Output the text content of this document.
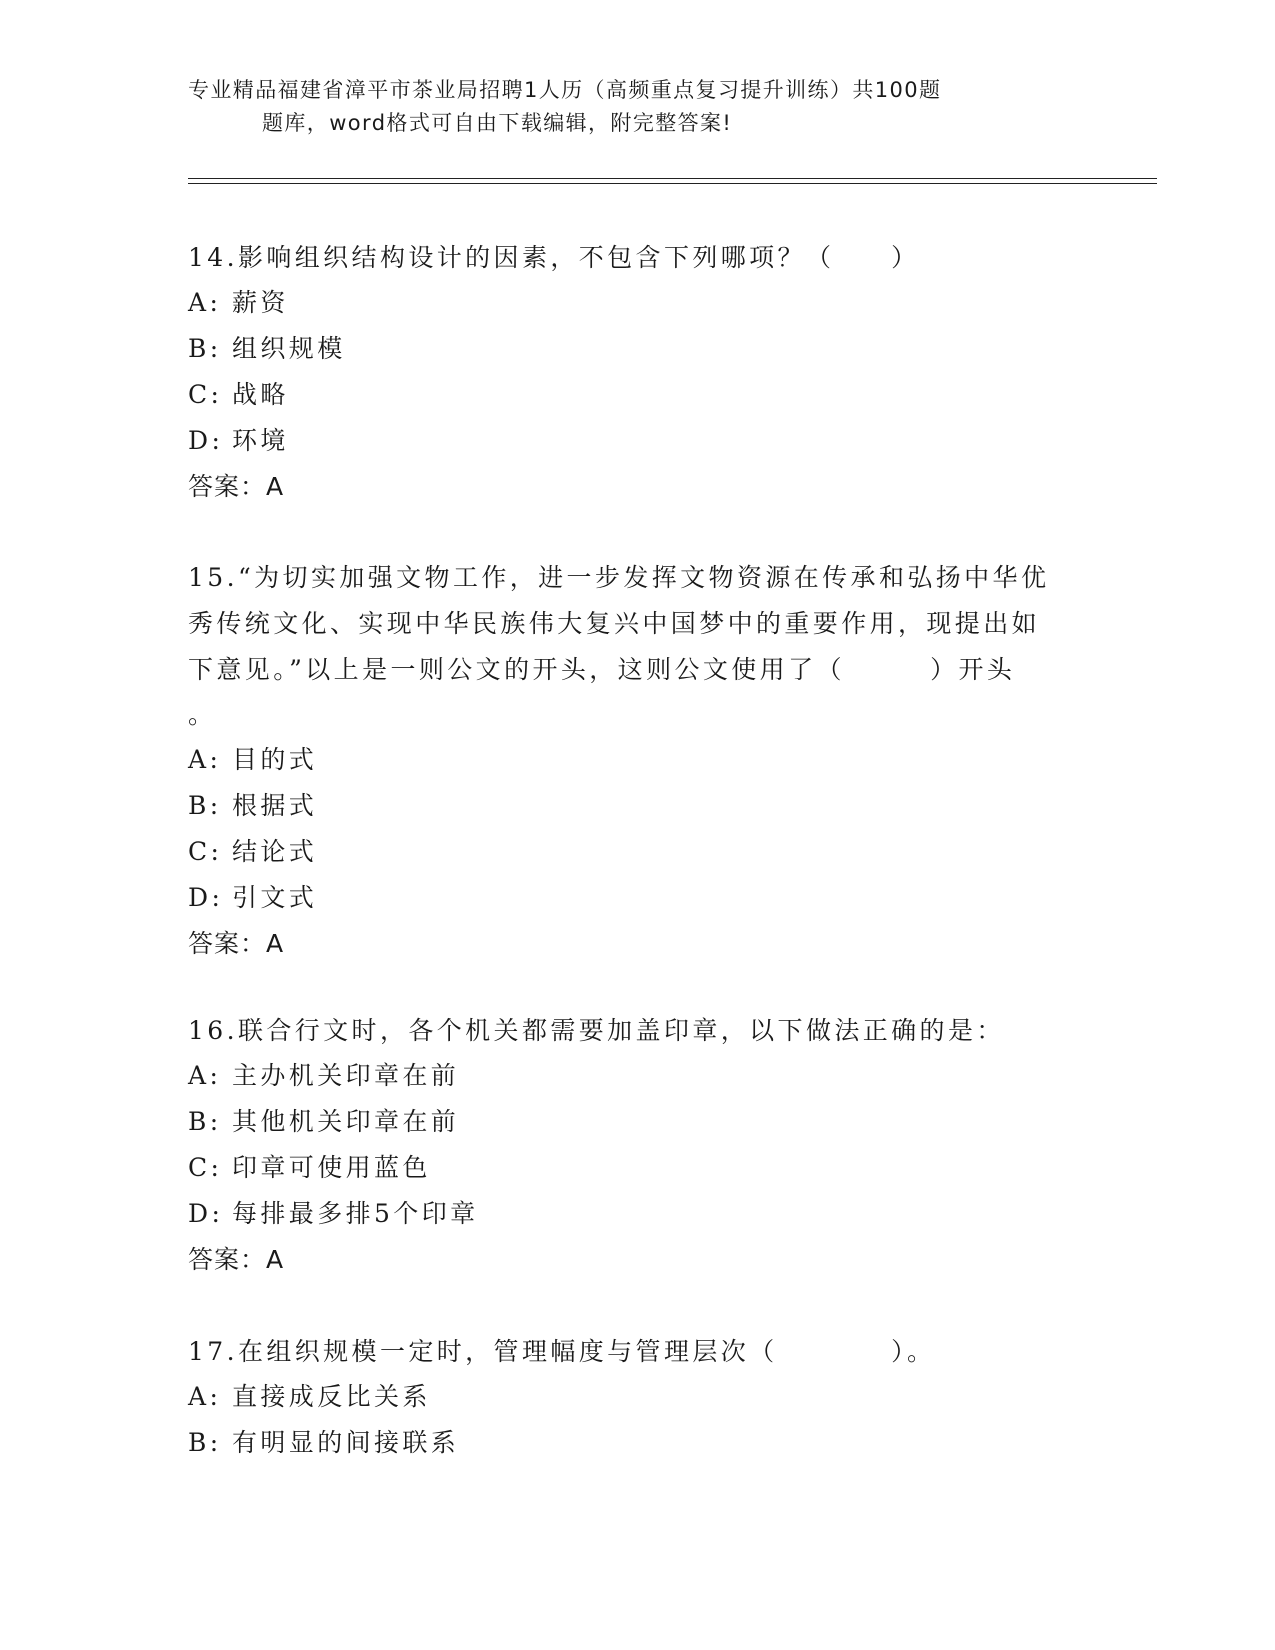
专业精品福建省漳平市茶业局招聘1人历（高频重点复习提升训练）共100题
题库，word格式可自由下载编辑，附完整答案!

14.影响组织结构设计的因素，不包含下列哪项？（　　）

A: 薪资

B: 组织规模

C: 战略

D: 环境

答案：A

15.“为切实加强文物工作，进一步发挥文物资源在传承和弘扬中华优

秀传统文化、实现中华民族伟大复兴中国梦中的重要作用，现提出如

下意见。”以上是一则公文的开头，这则公文使用了（　　　）开头

。

A: 目的式

B: 根据式

C: 结论式

D: 引文式

答案：A

16.联合行文时，各个机关都需要加盖印章，以下做法正确的是：

A: 主办机关印章在前

B: 其他机关印章在前

C: 印章可使用蓝色

D: 每排最多排5个印章

答案：A

17.在组织规模一定时，管理幅度与管理层次（　　　　）。

A: 直接成反比关系

B: 有明显的间接联系
